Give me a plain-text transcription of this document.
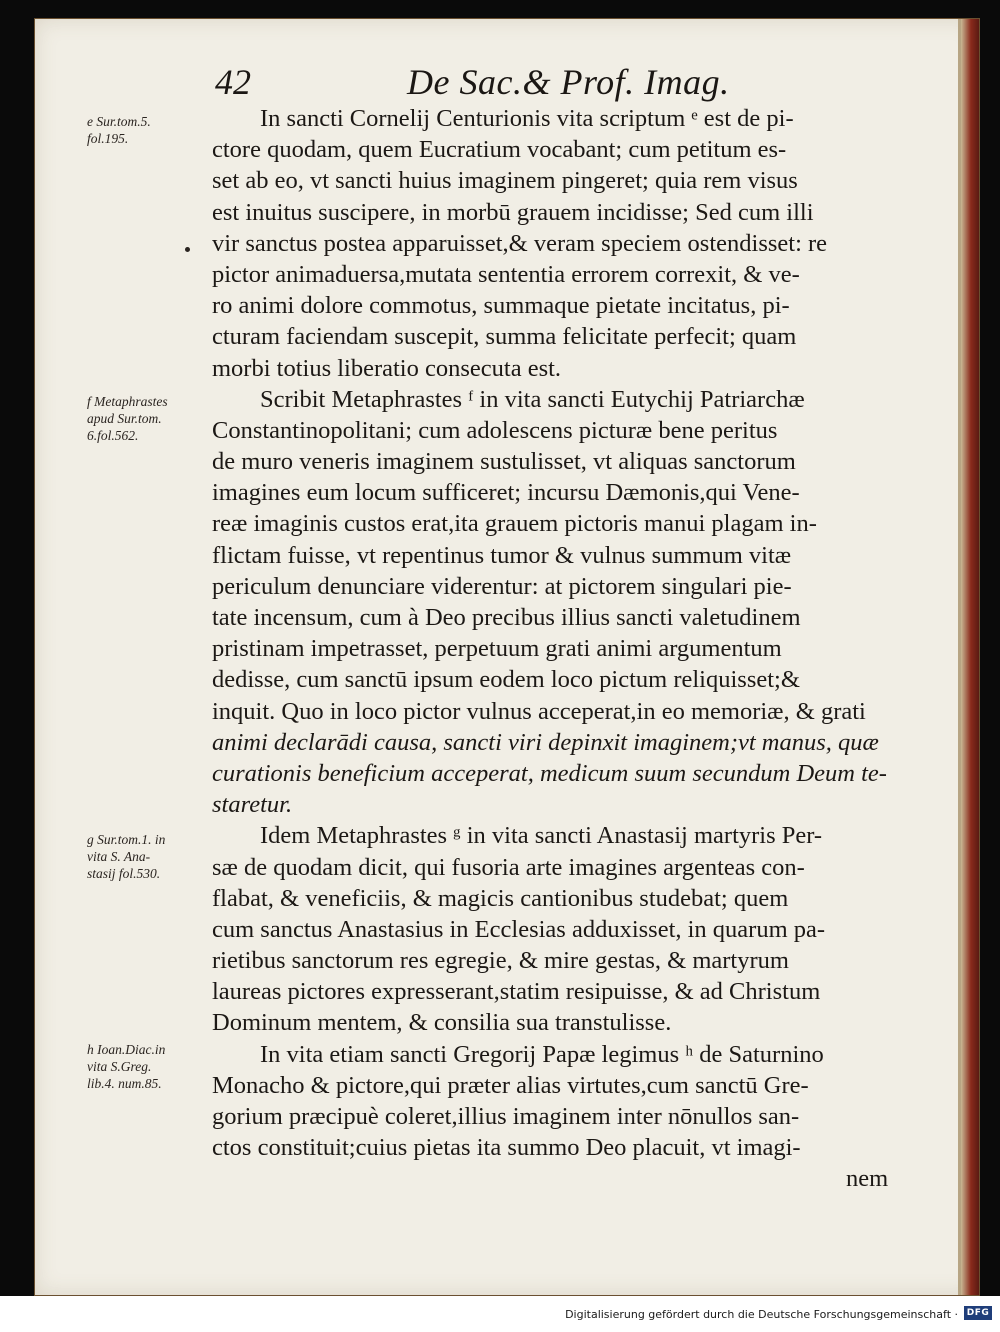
42	De Sac.& Prof. Imag.
e Sur.tom.5.
fol.195.
f Metaphrastes
apud Sur.tom.
6.fol.562.
g Sur.tom.1. in
vita S. Ana-
stasij fol.530.
h Ioan.Diac.in
vita S.Greg.
lib.4. num.85.
In sancti Cornelij Centurionis vita scriptum ᵉ est de pi-
ctore quodam, quem Eucratium vocabant; cum petitum es-
set ab eo, vt sancti huius imaginem pingeret; quia rem visus
est inuitus suscipere, in morbū grauem incidisse; Sed cum illi
vir sanctus postea apparuisset,& veram speciem ostendisset: re
pictor animaduersa,mutata sententia errorem correxit, & ve-
ro animi dolore commotus, summaque pietate incitatus, pi-
cturam faciendam suscepit, summa felicitate perfecit; quam
morbi totius liberatio consecuta est.
Scribit Metaphrastes ᶠ in vita sancti Eutychij Patriarchæ
Constantinopolitani; cum adolescens picturæ bene peritus
de muro veneris imaginem sustulisset, vt aliquas sanctorum
imagines eum locum sufficeret; incursu Dæmonis,qui Vene-
reæ imaginis custos erat,ita grauem pictoris manui plagam in-
flictam fuisse, vt repentinus tumor & vulnus summum vitæ
periculum denunciare viderentur: at pictorem singulari pie-
tate incensum, cum à Deo precibus illius sancti valetudinem
pristinam impetrasset, perpetuum grati animi argumentum
dedisse, cum sanctū ipsum eodem loco pictum reliquisset;&
inquit. Quo in loco pictor vulnus acceperat,in eo memoriæ, & grati
animi declarādi causa, sancti viri depinxit imaginem;vt manus, quæ
curationis beneficium acceperat, medicum suum secundum Deum te-
staretur.
Idem Metaphrastes ᵍ in vita sancti Anastasij martyris Per-
sæ de quodam dicit, qui fusoria arte imagines argenteas con-
flabat, & veneficiis, & magicis cantionibus studebat; quem
cum sanctus Anastasius in Ecclesias adduxisset, in quarum pa-
rietibus sanctorum res egregie, & mire gestas, & martyrum
laureas pictores expresserant,statim resipuisse, & ad Christum
Dominum mentem, & consilia sua transtulisse.
In vita etiam sancti Gregorij Papæ legimus ʰ de Saturnino
Monacho & pictore,qui præter alias virtutes,cum sanctū Gre-
gorium præcipuè coleret,illius imaginem inter nōnullos san-
ctos constituit;cuius pietas ita summo Deo placuit, vt imagi-
nem
Digitalisierung gefördert durch die Deutsche Forschungsgemeinschaft · DFG
